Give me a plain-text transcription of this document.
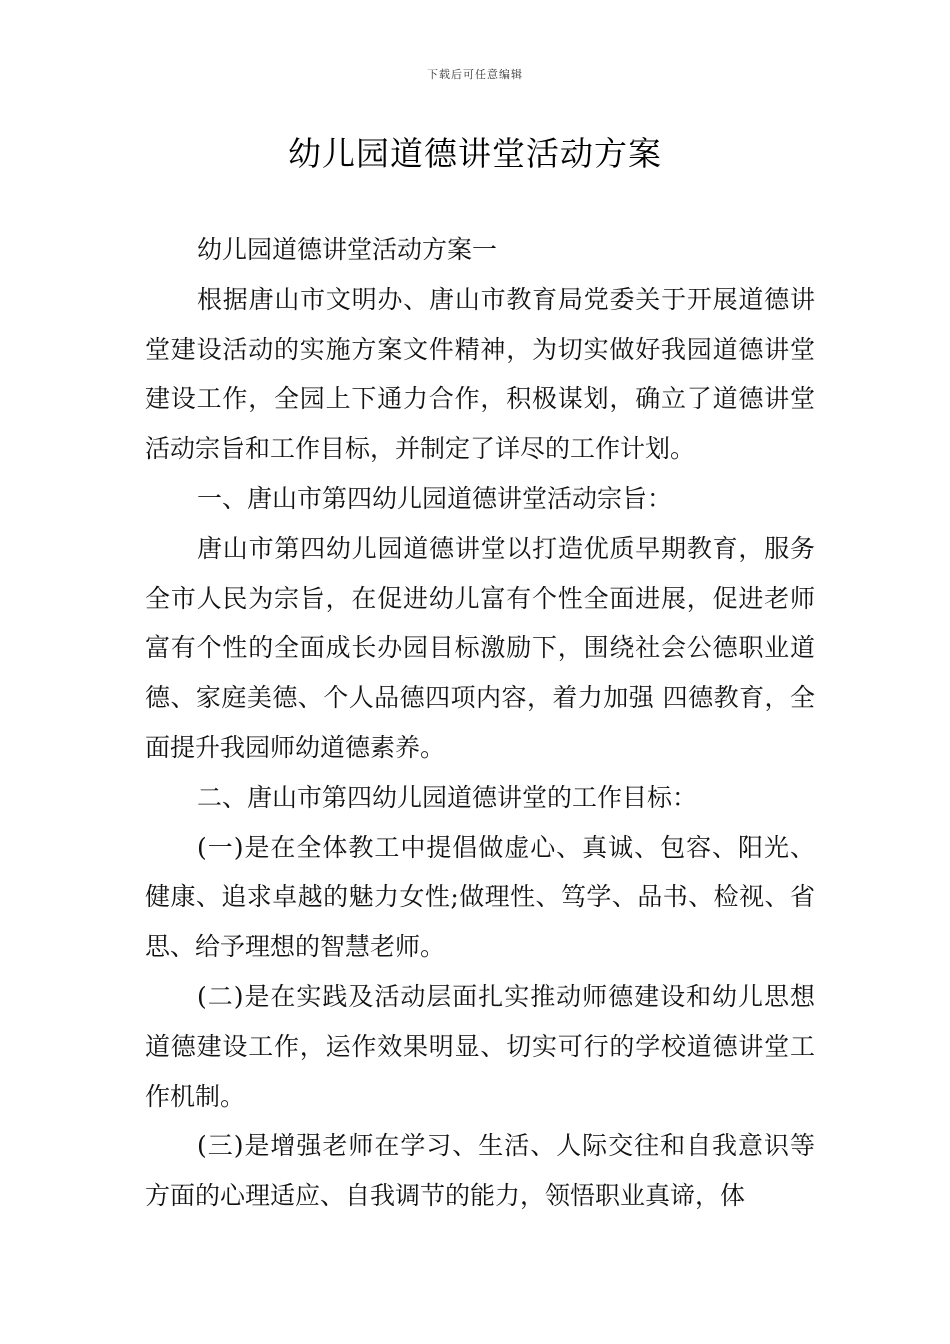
下载后可任意编辑
幼儿园道德讲堂活动方案

幼儿园道德讲堂活动方案一

根据唐山市文明办、唐山市教育局党委关于开展道德讲堂建设活动的实施方案文件精神，为切实做好我园道德讲堂建设工作，全园上下通力合作，积极谋划，确立了道德讲堂活动宗旨和工作目标，并制定了详尽的工作计划。

一、唐山市第四幼儿园道德讲堂活动宗旨：

唐山市第四幼儿园道德讲堂以打造优质早期教育，服务全市人民为宗旨，在促进幼儿富有个性全面进展，促进老师富有个性的全面成长办园目标激励下，围绕社会公德职业道德、家庭美德、个人品德四项内容，着力加强 四德教育，全面提升我园师幼道德素养。

二、唐山市第四幼儿园道德讲堂的工作目标：

(一)是在全体教工中提倡做虚心、真诚、包容、阳光、健康、追求卓越的魅力女性;做理性、笃学、品书、检视、省思、给予理想的智慧老师。

(二)是在实践及活动层面扎实推动师德建设和幼儿思想道德建设工作，运作效果明显、切实可行的学校道德讲堂工作机制。

(三)是增强老师在学习、生活、人际交往和自我意识等方面的心理适应、自我调节的能力，领悟职业真谛，体
